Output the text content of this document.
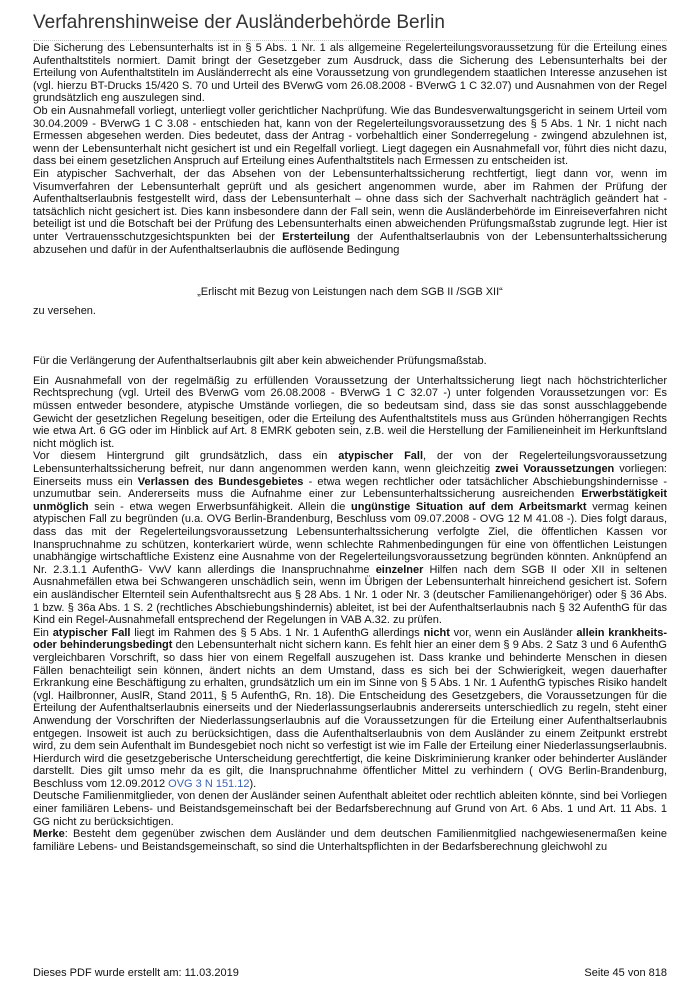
Verfahrenshinweise der Ausländerbehörde Berlin

Die Sicherung des Lebensunterhalts ist in § 5 Abs. 1 Nr. 1 als allgemeine Regelerteilungsvoraussetzung für die Erteilung eines Aufenthaltstitels normiert. Damit bringt der Gesetzgeber zum Ausdruck, dass die Sicherung des Lebensunterhalts bei der Erteilung von Aufenthaltstiteln im Ausländerrecht als eine Voraussetzung von grundlegendem staatlichen Interesse anzusehen ist (vgl. hierzu BT-Drucks 15/420 S. 70 und Urteil des BVerwG vom 26.08.2008 - BVerwG 1 C 32.07) und Ausnahmen von der Regel grundsätzlich eng auszulegen sind.

Ob ein Ausnahmefall vorliegt, unterliegt voller gerichtlicher Nachprüfung. Wie das Bundesverwaltungsgericht in seinem Urteil vom 30.04.2009 - BVerwG 1 C 3.08 - entschieden hat, kann von der Regelerteilungsvoraussetzung des § 5 Abs. 1 Nr. 1 nicht nach Ermessen abgesehen werden. Dies bedeutet, dass der Antrag - vorbehaltlich einer Sonderregelung - zwingend abzulehnen ist, wenn der Lebensunterhalt nicht gesichert ist und ein Regelfall vorliegt. Liegt dagegen ein Ausnahmefall vor, führt dies nicht dazu, dass bei einem gesetzlichen Anspruch auf Erteilung eines Aufenthaltstitels nach Ermessen zu entscheiden ist.

Ein atypischer Sachverhalt, der das Absehen von der Lebensunterhaltssicherung rechtfertigt, liegt dann vor, wenn im Visumverfahren der Lebensunterhalt geprüft und als gesichert angenommen wurde, aber im Rahmen der Prüfung der Aufenthaltserlaubnis festgestellt wird, dass der Lebensunterhalt – ohne dass sich der Sachverhalt nachträglich geändert hat - tatsächlich nicht gesichert ist. Dies kann insbesondere dann der Fall sein, wenn die Ausländerbehörde im Einreiseverfahren nicht beteiligt ist und die Botschaft bei der Prüfung des Lebensunterhalts einen abweichenden Prüfungsmaßstab zugrunde legt. Hier ist unter Vertrauensschutzgesichtspunkten bei der Ersterteilung der Aufenthaltserlaubnis von der Lebensunterhaltssicherung abzusehen und dafür in der Aufenthaltserlaubnis die auflösende Bedingung

„Erlischt mit Bezug von Leistungen nach dem SGB II /SGB XII“

zu versehen.

Für die Verlängerung der Aufenthaltserlaubnis gilt aber kein abweichender Prüfungsmaßstab.

Ein Ausnahmefall von der regelmäßig zu erfüllenden Voraussetzung der Unterhaltssicherung liegt nach höchstrichterlicher Rechtsprechung (vgl. Urteil des BVerwG vom 26.08.2008 - BVerwG 1 C 32.07 -) unter folgenden Voraussetzungen vor: Es müssen entweder besondere, atypische Umstände vorliegen, die so bedeutsam sind, dass sie das sonst ausschlaggebende Gewicht der gesetzlichen Regelung beseitigen, oder die Erteilung des Aufenthaltstitels muss aus Gründen höherrangigen Rechts wie etwa Art. 6 GG oder im Hinblick auf Art. 8 EMRK geboten sein, z.B. weil die Herstellung der Familieneinheit im Herkunftsland nicht möglich ist.

Vor diesem Hintergrund gilt grundsätzlich, dass ein atypischer Fall, der von der Regelerteilungsvoraussetzung Lebensunterhaltssicherung befreit, nur dann angenommen werden kann, wenn gleichzeitig zwei Voraussetzungen vorliegen: Einerseits muss ein Verlassen des Bundesgebietes - etwa wegen rechtlicher oder tatsächlicher Abschiebungshindernisse - unzumutbar sein. Andererseits muss die Aufnahme einer zur Lebensunterhaltssicherung ausreichenden Erwerbstätigkeit unmöglich sein - etwa wegen Erwerbsunfähigkeit. Allein die ungünstige Situation auf dem Arbeitsmarkt vermag keinen atypischen Fall zu begründen (u.a. OVG Berlin-Brandenburg, Beschluss vom 09.07.2008 - OVG 12 M 41.08 -). Dies folgt daraus, dass das mit der Regelerteilungsvoraussetzung Lebensunterhaltssicherung verfolgte Ziel, die öffentlichen Kassen vor Inanspruchnahme zu schützen, konterkariert würde, wenn schlechte Rahmenbedingungen für eine von öffentlichen Leistungen unabhängige wirtschaftliche Existenz eine Ausnahme von der Regelerteilungsvoraussetzung begründen könnten. Anknüpfend an Nr. 2.3.1.1 AufenthG- VwV kann allerdings die Inanspruchnahme einzelner Hilfen nach dem SGB II oder XII in seltenen Ausnahmefällen etwa bei Schwangeren unschädlich sein, wenn im Übrigen der Lebensunterhalt hinreichend gesichert ist. Sofern ein ausländischer Elternteil sein Aufenthaltsrecht aus § 28 Abs. 1 Nr. 1 oder Nr. 3 (deutscher Familienangehöriger) oder § 36 Abs. 1 bzw. § 36a Abs. 1 S. 2 (rechtliches Abschiebungshindernis) ableitet, ist bei der Aufenthaltserlaubnis nach § 32 AufenthG für das Kind ein Regel-Ausnahmefall entsprechend der Regelungen in VAB A.32. zu prüfen.

Ein atypischer Fall liegt im Rahmen des § 5 Abs. 1 Nr. 1 AufenthG allerdings nicht vor, wenn ein Ausländer allein krankheits- oder behinderungsbedingt den Lebensunterhalt nicht sichern kann. Es fehlt hier an einer dem § 9 Abs. 2 Satz 3 und 6 AufenthG vergleichbaren Vorschrift, so dass hier von einem Regelfall auszugehen ist. Dass kranke und behinderte Menschen in diesen Fällen benachteiligt sein können, ändert nichts an dem Umstand, dass es sich bei der Schwierigkeit, wegen dauerhafter Erkrankung eine Beschäftigung zu erhalten, grundsätzlich um ein im Sinne von § 5 Abs. 1 Nr. 1 AufenthG typisches Risiko handelt (vgl. Hailbronner, AuslR, Stand 2011, § 5 AufenthG, Rn. 18). Die Entscheidung des Gesetzgebers, die Voraussetzungen für die Erteilung der Aufenthaltserlaubnis einerseits und der Niederlassungserlaubnis andererseits unterschiedlich zu regeln, steht einer Anwendung der Vorschriften der Niederlassungserlaubnis auf die Voraussetzungen für die Erteilung einer Aufenthaltserlaubnis entgegen. Insoweit ist auch zu berücksichtigen, dass die Aufenthaltserlaubnis von dem Ausländer zu einem Zeitpunkt erstrebt wird, zu dem sein Aufenthalt im Bundesgebiet noch nicht so verfestigt ist wie im Falle der Erteilung einer Niederlassungserlaubnis. Hierdurch wird die gesetzgeberische Unterscheidung gerechtfertigt, die keine Diskriminierung kranker oder behinderter Ausländer darstellt. Dies gilt umso mehr da es gilt, die Inanspruchnahme öffentlicher Mittel zu verhindern ( OVG Berlin-Brandenburg, Beschluss vom 12.09.2012 OVG 3 N 151.12).

Deutsche Familienmitglieder, von denen der Ausländer seinen Aufenthalt ableitet oder rechtlich ableiten könnte, sind bei Vorliegen einer familiären Lebens- und Beistandsgemeinschaft bei der Bedarfsberechnung auf Grund von Art. 6 Abs. 1 und Art. 11 Abs. 1 GG nicht zu berücksichtigen.

Merke: Besteht dem gegenüber zwischen dem Ausländer und dem deutschen Familienmitglied nachgewiesenermaßen keine familiäre Lebens- und Beistandsgemeinschaft, so sind die Unterhaltspflichten in der Bedarfsberechnung gleichwohl zu

Dieses PDF wurde erstellt am: 11.03.2019	Seite 45 von 818
